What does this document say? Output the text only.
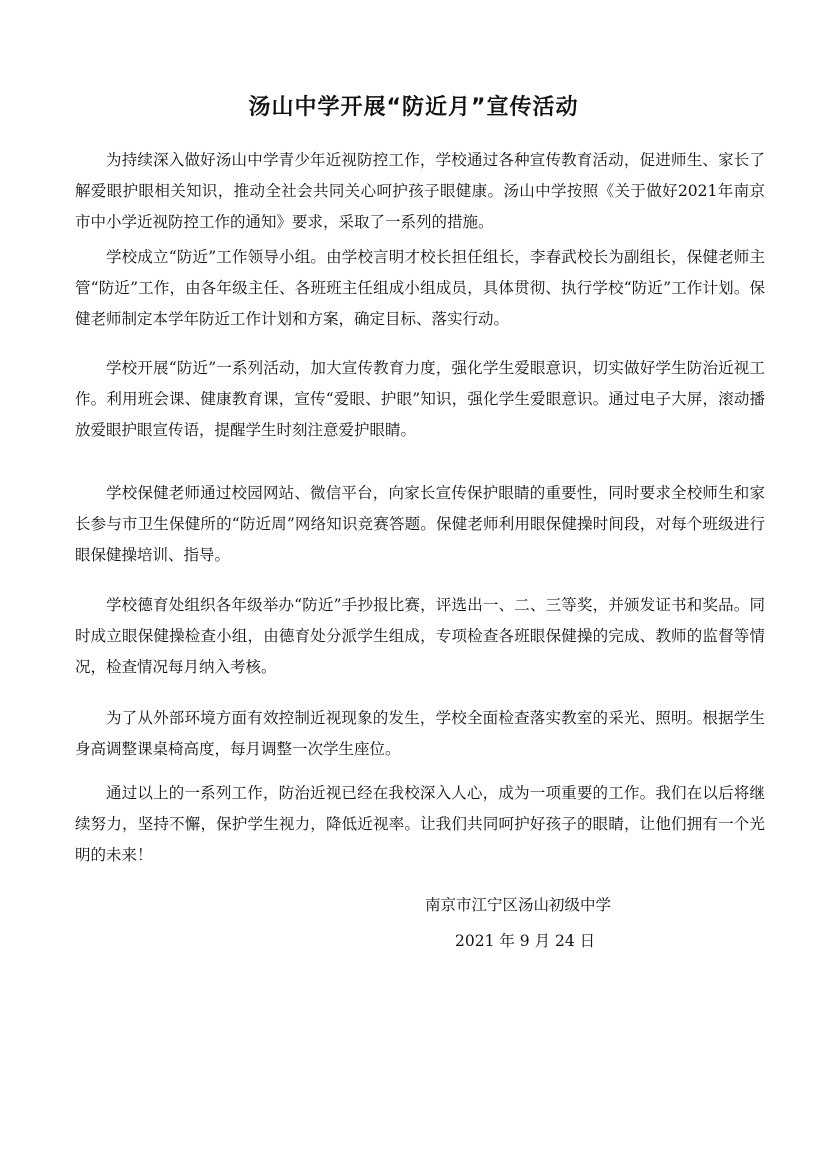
汤山中学开展“防近月”宣传活动

为持续深入做好汤山中学青少年近视防控工作，学校通过各种宣传教育活动，促进师生、家长了解爱眼护眼相关知识，推动全社会共同关心呵护孩子眼健康。汤山中学按照《关于做好2021年南京市中小学近视防控工作的通知》要求，采取了一系列的措施。

学校成立“防近”工作领导小组。由学校言明才校长担任组长，李春武校长为副组长，保健老师主管“防近”工作，由各年级主任、各班班主任组成小组成员，具体贯彻、执行学校“防近”工作计划。保健老师制定本学年防近工作计划和方案，确定目标、落实行动。

学校开展“防近”一系列活动，加大宣传教育力度，强化学生爱眼意识，切实做好学生防治近视工作。利用班会课、健康教育课，宣传“爱眼、护眼”知识，强化学生爱眼意识。通过电子大屏，滚动播放爱眼护眼宣传语，提醒学生时刻注意爱护眼睛。

学校保健老师通过校园网站、微信平台，向家长宣传保护眼睛的重要性，同时要求全校师生和家长参与市卫生保健所的“防近周”网络知识竞赛答题。保健老师利用眼保健操时间段，对每个班级进行眼保健操培训、指导。

学校德育处组织各年级举办“防近”手抄报比赛，评选出一、二、三等奖，并颁发证书和奖品。同时成立眼保健操检查小组，由德育处分派学生组成，专项检查各班眼保健操的完成、教师的监督等情况，检查情况每月纳入考核。

为了从外部环境方面有效控制近视现象的发生，学校全面检查落实教室的采光、照明。根据学生身高调整课桌椅高度，每月调整一次学生座位。

通过以上的一系列工作，防治近视已经在我校深入人心，成为一项重要的工作。我们在以后将继续努力，坚持不懈，保护学生视力，降低近视率。让我们共同呵护好孩子的眼睛，让他们拥有一个光明的未来！

南京市江宁区汤山初级中学
2021 年 9 月 24 日
